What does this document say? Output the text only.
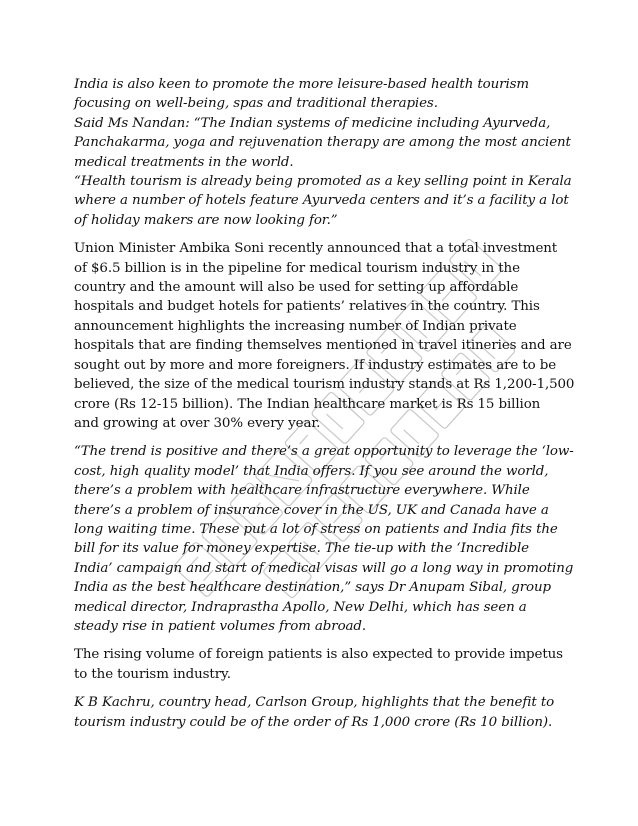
India is also keen to promote the more leisure-based health tourism
focusing on well-being, spas and traditional therapies.
Said Ms Nandan: “The Indian systems of medicine including Ayurveda,
Panchakarma, yoga and rejuvenation therapy are among the most ancient
medical treatments in the world.
“Health tourism is already being promoted as a key selling point in Kerala
where a number of hotels feature Ayurveda centers and it’s a facility a lot
of holiday makers are now looking for.”

Union Minister Ambika Soni recently announced that a total investment
of $6.5 billion is in the pipeline for medical tourism industry in the
country and the amount will also be used for setting up affordable
hospitals and budget hotels for patients’ relatives in the country. This
announcement highlights the increasing number of Indian private
hospitals that are finding themselves mentioned in travel itineries and are
sought out by more and more foreigners. If industry estimates are to be
believed, the size of the medical tourism industry stands at Rs 1,200-1,500
crore (Rs 12-15 billion). The Indian healthcare market is Rs 15 billion
and growing at over 30% every year.

“The trend is positive and there’s a great opportunity to leverage the ‘low-
cost, high quality model’ that India offers. If you see around the world,
there’s a problem with healthcare infrastructure everywhere. While
there’s a problem of insurance cover in the US, UK and Canada have a
long waiting time. These put a lot of stress on patients and India fits the
bill for its value for money expertise. The tie-up with the ‘Incredible
India’ campaign and start of medical visas will go a long way in promoting
India as the best healthcare destination,” says Dr Anupam Sibal, group
medical director, Indraprastha Apollo, New Delhi, which has seen a
steady rise in patient volumes from abroad.

The rising volume of foreign patients is also expected to provide impetus
to the tourism industry.

K B Kachru, country head, Carlson Group, highlights that the benefit to
tourism industry could be of the order of Rs 1,000 crore (Rs 10 billion).
